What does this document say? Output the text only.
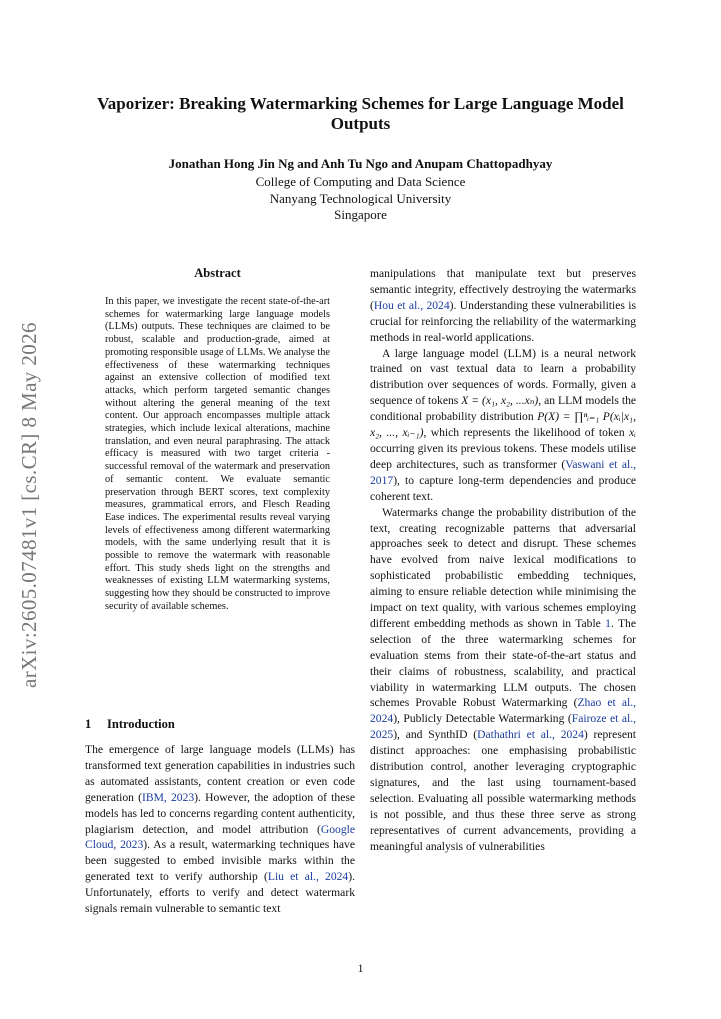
Vaporizer: Breaking Watermarking Schemes for Large Language Model Outputs
Jonathan Hong Jin Ng and Anh Tu Ngo and Anupam Chattopadhyay
College of Computing and Data Science
Nanyang Technological University
Singapore
arXiv:2605.07481v1 [cs.CR] 8 May 2026
Abstract
In this paper, we investigate the recent state-of-the-art schemes for watermarking large language models (LLMs) outputs. These techniques are claimed to be robust, scalable and production-grade, aimed at promoting responsible usage of LLMs. We analyse the effectiveness of these watermarking techniques against an extensive collection of modified text attacks, which perform targeted semantic changes without altering the general meaning of the text content. Our approach encompasses multiple attack strategies, which include lexical alterations, machine translation, and even neural paraphrasing. The attack efficacy is measured with two target criteria - successful removal of the watermark and preservation of semantic content. We evaluate semantic preservation through BERT scores, text complexity measures, grammatical errors, and Flesch Reading Ease indices. The experimental results reveal varying levels of effectiveness among different watermarking models, with the same underlying result that it is possible to remove the watermark with reasonable effort. This study sheds light on the strengths and weaknesses of existing LLM watermarking systems, suggesting how they should be constructed to improve security of available schemes.
1 Introduction

The emergence of large language models (LLMs) has transformed text generation capabilities in industries such as automated assistants, content creation or even code generation (IBM, 2023). However, the adoption of these models has led to concerns regarding content authenticity, plagiarism detection, and model attribution (Google Cloud, 2023). As a result, watermarking techniques have been suggested to embed invisible marks within the generated text to verify authorship (Liu et al., 2024). Unfortunately, efforts to verify and detect watermark signals remain vulnerable to semantic text

manipulations that manipulate text but preserves semantic integrity, effectively destroying the watermarks (Hou et al., 2024). Understanding these vulnerabilities is crucial for reinforcing the reliability of the watermarking methods in real-world applications.

A large language model (LLM) is a neural network trained on vast textual data to learn a probability distribution over sequences of words. Formally, given a sequence of tokens X = (x₁, x₂, ...xₙ), an LLM models the conditional probability distribution P(X) = ∏ⁿᵢ₌₁ P(xᵢ|x₁, x₂, ..., xᵢ₋₁), which represents the likelihood of token xᵢ occurring given its previous tokens. These models utilise deep architectures, such as transformer (Vaswani et al., 2017), to capture long-term dependencies and produce coherent text.

Watermarks change the probability distribution of the text, creating recognizable patterns that adversarial approaches seek to detect and disrupt. These schemes have evolved from naive lexical modifications to sophisticated probabilistic embedding techniques, aiming to ensure reliable detection while minimising the impact on text quality, with various schemes employing different embedding methods as shown in Table 1. The selection of the three watermarking schemes for evaluation stems from their state-of-the-art status and their claims of robustness, scalability, and practical viability in watermarking LLM outputs. The chosen schemes Provable Robust Watermarking (Zhao et al., 2024), Publicly Detectable Watermarking (Fairoze et al., 2025), and SynthID (Dathathri et al., 2024) represent distinct approaches: one emphasising probabilistic distribution control, another leveraging cryptographic signatures, and the last using tournament-based selection. Evaluating all possible watermarking methods is not possible, and thus these three serve as strong representatives of current advancements, providing a meaningful analysis of vulnerabilities

1
